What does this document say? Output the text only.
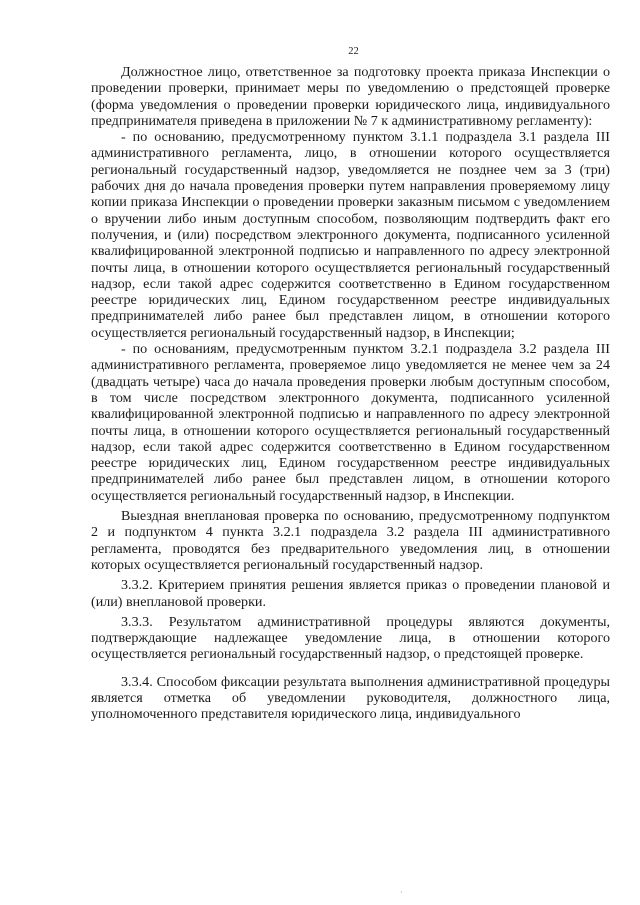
22

Должностное лицо, ответственное за подготовку проекта приказа Инспекции о проведении проверки, принимает меры по уведомлению о предстоящей проверке (форма уведомления о проведении проверки юридического лица, индивидуального предпринимателя приведена в приложении № 7 к административному регламенту):

- по основанию, предусмотренному пунктом 3.1.1 подраздела 3.1 раздела III административного регламента, лицо, в отношении которого осуществляется региональный государственный надзор, уведомляется не позднее чем за 3 (три) рабочих дня до начала проведения проверки путем направления проверяемому лицу копии приказа Инспекции о проведении проверки заказным письмом с уведомлением о вручении либо иным доступным способом, позволяющим подтвердить факт его получения, и (или) посредством электронного документа, подписанного усиленной квалифицированной электронной подписью и направленного по адресу электронной почты лица, в отношении которого осуществляется региональный государственный надзор, если такой адрес содержится соответственно в Едином государственном реестре юридических лиц, Едином государственном реестре индивидуальных предпринимателей либо ранее был представлен лицом, в отношении которого осуществляется региональный государственный надзор, в Инспекции;

- по основаниям, предусмотренным пунктом 3.2.1 подраздела 3.2 раздела III административного регламента, проверяемое лицо уведомляется не менее чем за 24 (двадцать четыре) часа до начала проведения проверки любым доступным способом, в том числе посредством электронного документа, подписанного усиленной квалифицированной электронной подписью и направленного по адресу электронной почты лица, в отношении которого осуществляется региональный государственный надзор, если такой адрес содержится соответственно в Едином государственном реестре юридических лиц, Едином государственном реестре индивидуальных предпринимателей либо ранее был представлен лицом, в отношении которого осуществляется региональный государственный надзор, в Инспекции.

Выездная внеплановая проверка по основанию, предусмотренному подпунктом 2 и подпунктом 4 пункта 3.2.1 подраздела 3.2 раздела III административного регламента, проводятся без предварительного уведомления лиц, в отношении которых осуществляется региональный государственный надзор.

3.3.2. Критерием принятия решения является приказ о проведении плановой и (или) внеплановой проверки.

3.3.3. Результатом административной процедуры являются документы, подтверждающие надлежащее уведомление лица, в отношении которого осуществляется региональный государственный надзор, о предстоящей проверке.

3.3.4. Способом фиксации результата выполнения административной процедуры является отметка об уведомлении руководителя, должностного лица, уполномоченного представителя юридического лица, индивидуального

·
